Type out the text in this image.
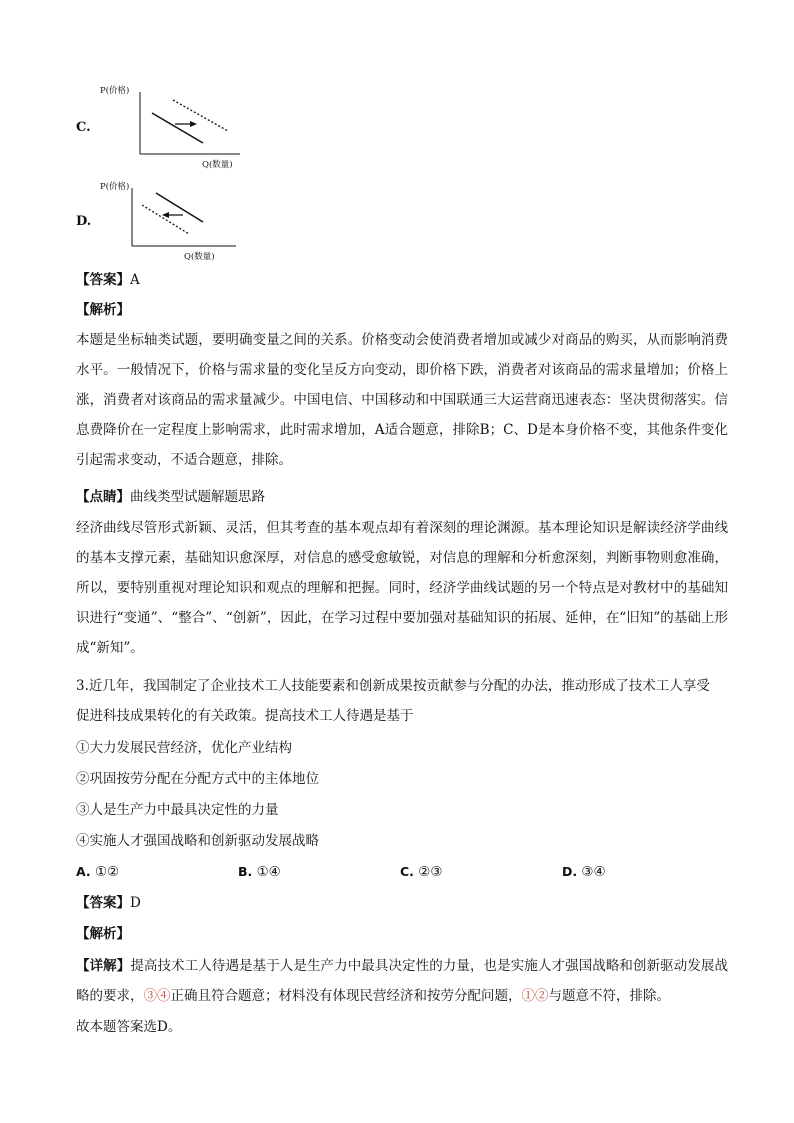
C.
P(价格)
Q(数量)
D.
P(价格)
Q(数量)
【答案】A
【解析】
本题是坐标轴类试题，要明确变量之间的关系。价格变动会使消费者增加或减少对商品的购买，从而影响消费水平。一般情况下，价格与需求量的变化呈反方向变动，即价格下跌，消费者对该商品的需求量增加；价格上涨，消费者对该商品的需求量减少。中国电信、中国移动和中国联通三大运营商迅速表态：坚决贯彻落实。信息费降价在一定程度上影响需求，此时需求增加，A适合题意，排除B；C、D是本身价格不变，其他条件变化引起需求变动，不适合题意，排除。
【点睛】曲线类型试题解题思路
经济曲线尽管形式新颖、灵活，但其考查的基本观点却有着深刻的理论渊源。基本理论知识是解读经济学曲线的基本支撑元素，基础知识愈深厚，对信息的感受愈敏锐，对信息的理解和分析愈深刻，判断事物则愈准确，所以，要特别重视对理论知识和观点的理解和把握。同时，经济学曲线试题的另一个特点是对教材中的基础知识进行“变通”、“整合”、“创新”，因此，在学习过程中要加强对基础知识的拓展、延伸，在“旧知”的基础上形成“新知”。
3.近几年，我国制定了企业技术工人技能要素和创新成果按贡献参与分配的办法，推动形成了技术工人享受
促进科技成果转化的有关政策。提高技术工人待遇是基于
①大力发展民营经济，优化产业结构
②巩固按劳分配在分配方式中的主体地位
③人是生产力中最具决定性的力量
④实施人才强国战略和创新驱动发展战略
A. ①②	B. ①④	C. ②③	D. ③④
【答案】D
【解析】
【详解】提高技术工人待遇是基于人是生产力中最具决定性的力量，也是实施人才强国战略和创新驱动发展战略的要求，③④正确且符合题意；材料没有体现民营经济和按劳分配问题，①②与题意不符，排除。
故本题答案选D。
